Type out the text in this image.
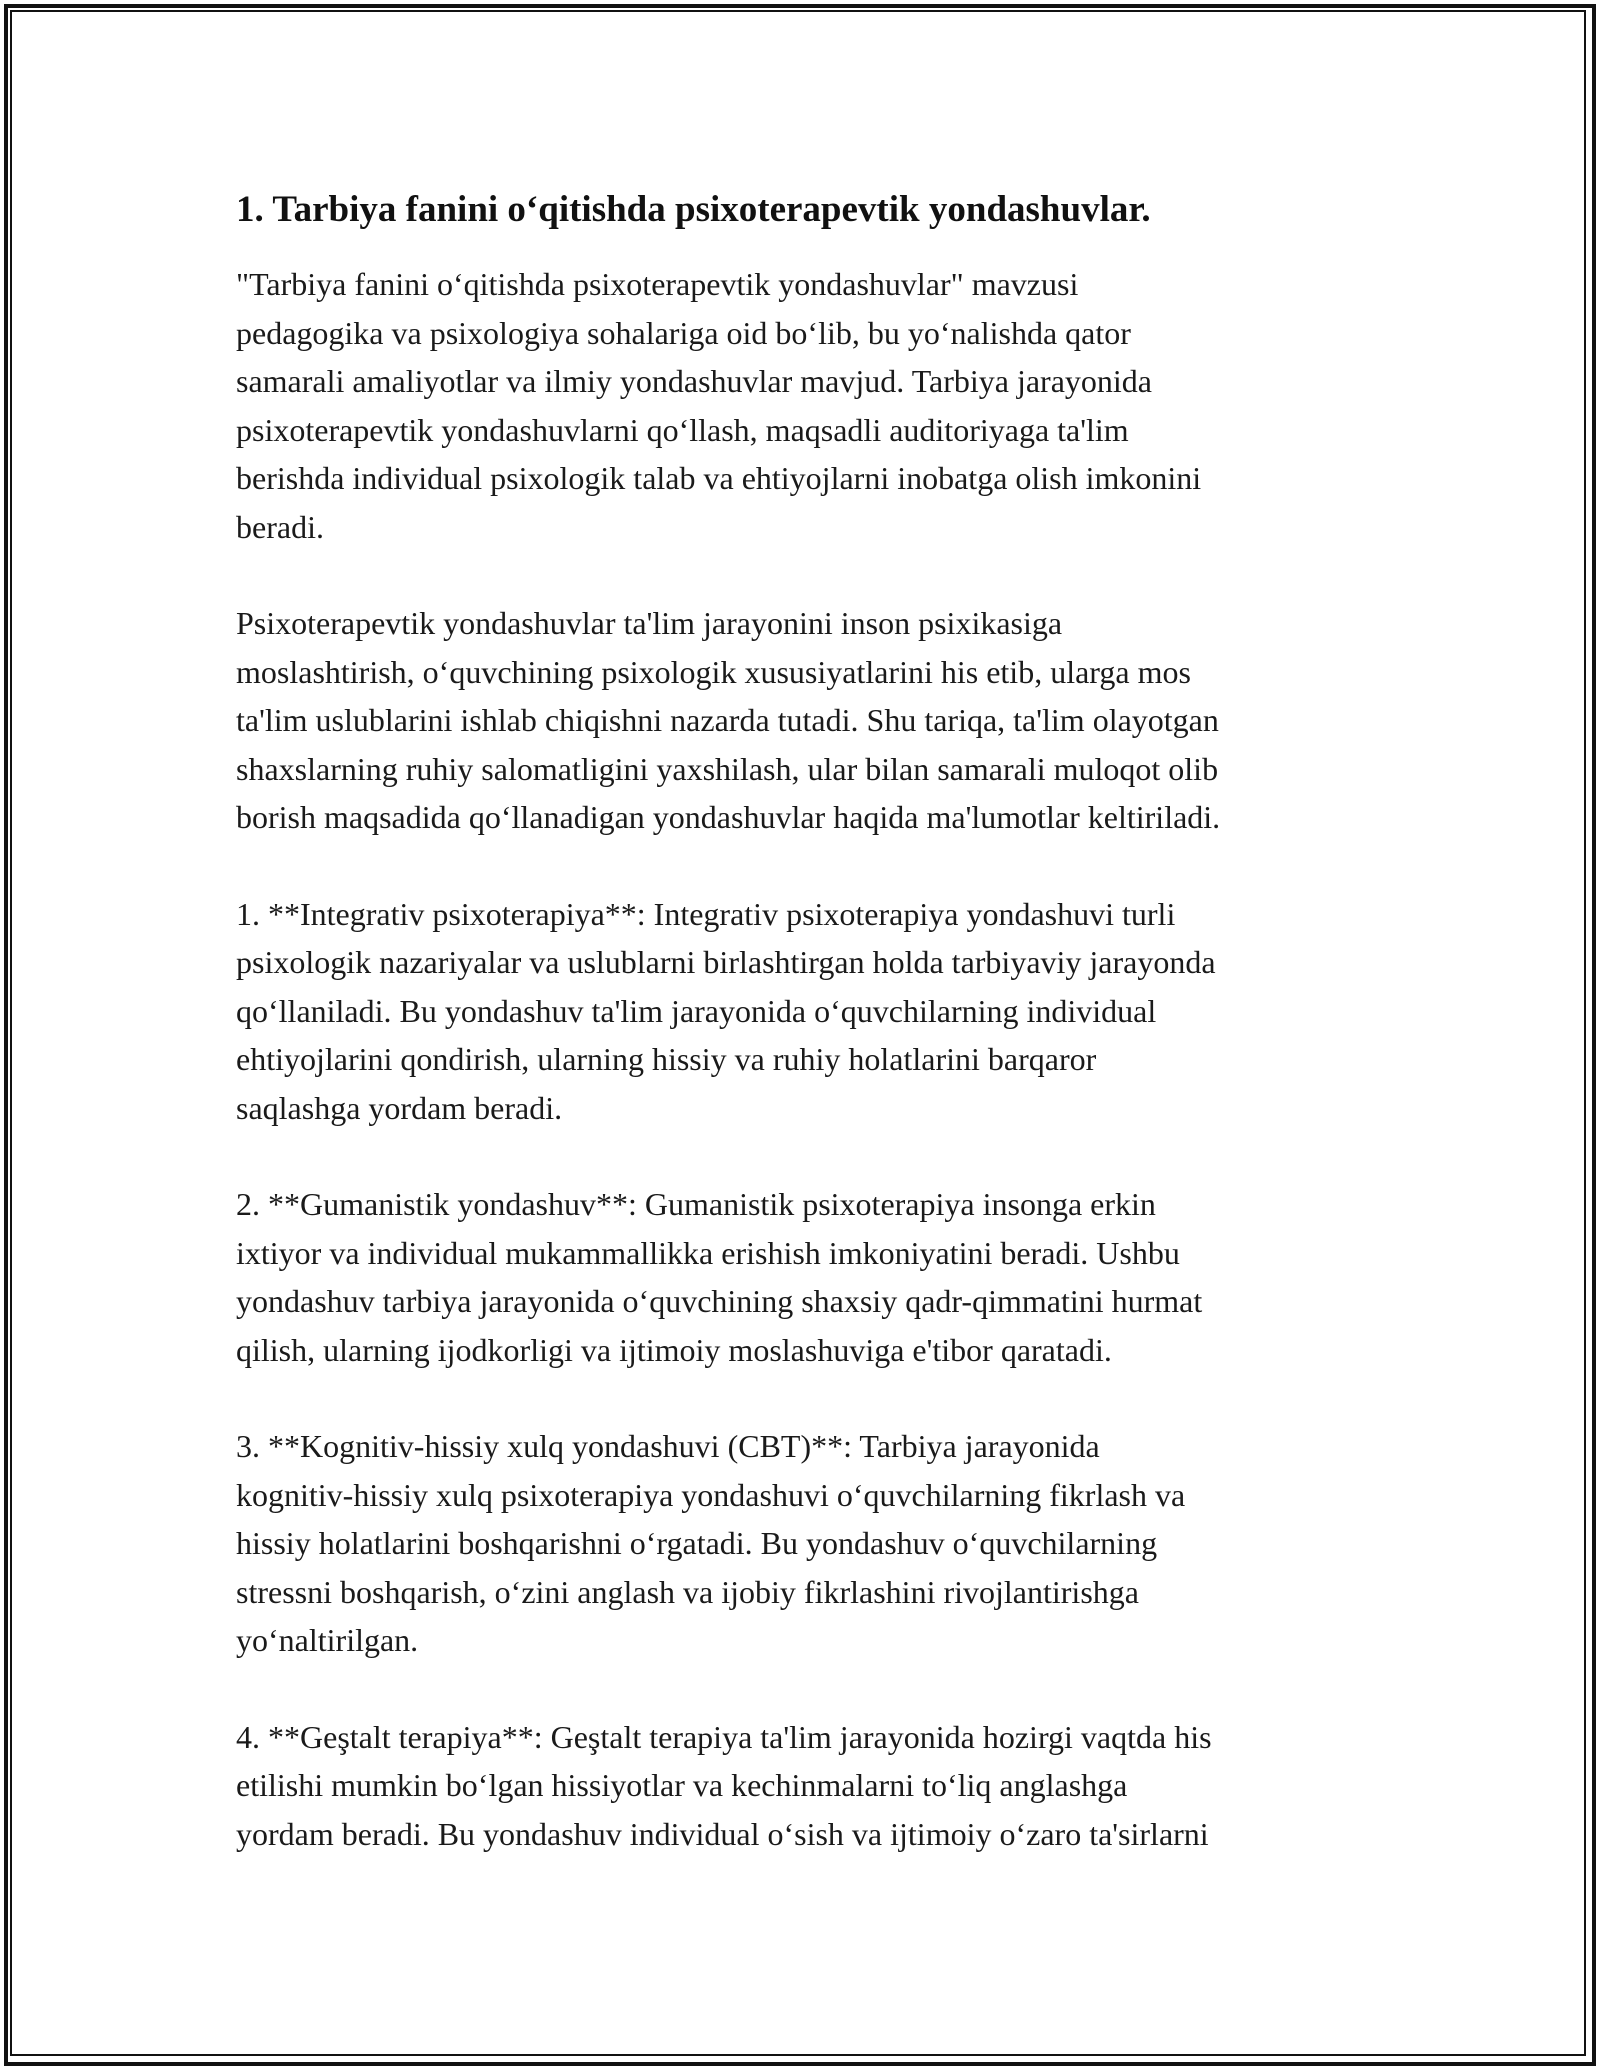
1. Tarbiya fanini o‘qitishda psixoterapevtik yondashuvlar.

"Tarbiya fanini o‘qitishda psixoterapevtik yondashuvlar" mavzusi
pedagogika va psixologiya sohalariga oid bo‘lib, bu yo‘nalishda qator
samarali amaliyotlar va ilmiy yondashuvlar mavjud. Tarbiya jarayonida
psixoterapevtik yondashuvlarni qo‘llash, maqsadli auditoriyaga ta'lim
berishda individual psixologik talab va ehtiyojlarni inobatga olish imkonini
beradi.

Psixoterapevtik yondashuvlar ta'lim jarayonini inson psixikasiga
moslashtirish, o‘quvchining psixologik xususiyatlarini his etib, ularga mos
ta'lim uslublarini ishlab chiqishni nazarda tutadi. Shu tariqa, ta'lim olayotgan
shaxslarning ruhiy salomatligini yaxshilash, ular bilan samarali muloqot olib
borish maqsadida qo‘llanadigan yondashuvlar haqida ma'lumotlar keltiriladi.

1. **Integrativ psixoterapiya**: Integrativ psixoterapiya yondashuvi turli
psixologik nazariyalar va uslublarni birlashtirgan holda tarbiyaviy jarayonda
qo‘llaniladi. Bu yondashuv ta'lim jarayonida o‘quvchilarning individual
ehtiyojlarini qondirish, ularning hissiy va ruhiy holatlarini barqaror
saqlashga yordam beradi.

2. **Gumanistik yondashuv**: Gumanistik psixoterapiya insonga erkin
ixtiyor va individual mukammallikka erishish imkoniyatini beradi. Ushbu
yondashuv tarbiya jarayonida o‘quvchining shaxsiy qadr-qimmatini hurmat
qilish, ularning ijodkorligi va ijtimoiy moslashuviga e'tibor qaratadi.

3. **Kognitiv-hissiy xulq yondashuvi (CBT)**: Tarbiya jarayonida
kognitiv-hissiy xulq psixoterapiya yondashuvi o‘quvchilarning fikrlash va
hissiy holatlarini boshqarishni o‘rgatadi. Bu yondashuv o‘quvchilarning
stressni boshqarish, o‘zini anglash va ijobiy fikrlashini rivojlantirishga
yo‘naltirilgan.

4. **Geştalt terapiya**: Geştalt terapiya ta'lim jarayonida hozirgi vaqtda his
etilishi mumkin bo‘lgan hissiyotlar va kechinmalarni to‘liq anglashga
yordam beradi. Bu yondashuv individual o‘sish va ijtimoiy o‘zaro ta'sirlarni
